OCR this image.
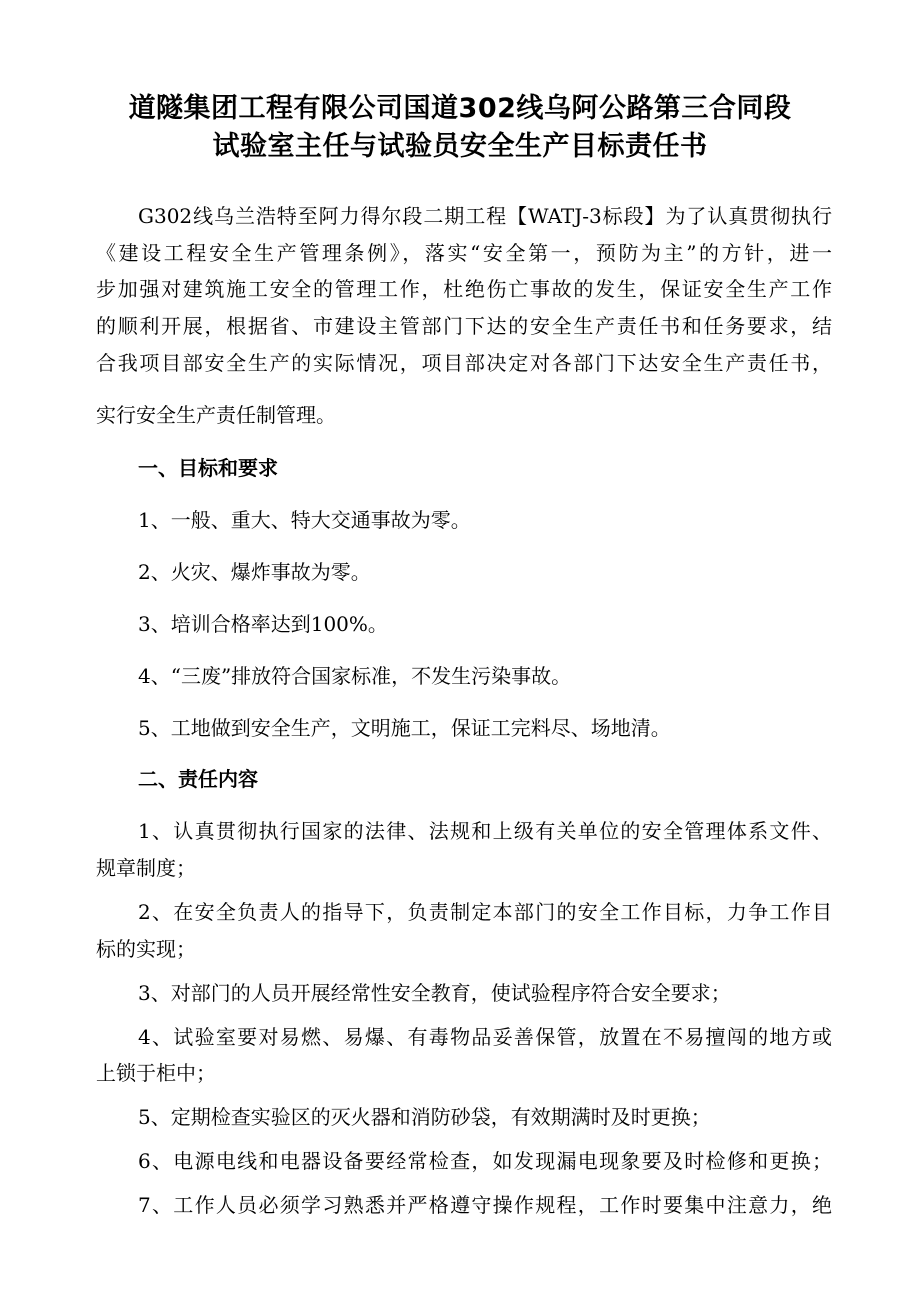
道隧集团工程有限公司国道302线乌阿公路第三合同段
试验室主任与试验员安全生产目标责任书
G302线乌兰浩特至阿力得尔段二期工程【WATJ-3标段】为了认真贯彻执行
《建设工程安全生产管理条例》，落实“安全第一，预防为主”的方针，进一
步加强对建筑施工安全的管理工作，杜绝伤亡事故的发生，保证安全生产工作
的顺利开展，根据省、市建设主管部门下达的安全生产责任书和任务要求，结
合我项目部安全生产的实际情况，项目部决定对各部门下达安全生产责任书，
实行安全生产责任制管理。
一、目标和要求
1、一般、重大、特大交通事故为零。
2、火灾、爆炸事故为零。
3、培训合格率达到100%。
4、“三废”排放符合国家标准，不发生污染事故。
5、工地做到安全生产，文明施工，保证工完料尽、场地清。
二、责任内容
1、认真贯彻执行国家的法律、法规和上级有关单位的安全管理体系文件、
规章制度；
2、在安全负责人的指导下，负责制定本部门的安全工作目标，力争工作目
标的实现；
3、对部门的人员开展经常性安全教育，使试验程序符合安全要求；
4、试验室要对易燃、易爆、有毒物品妥善保管，放置在不易擅闯的地方或
上锁于柜中；
5、定期检查实验区的灭火器和消防砂袋，有效期满时及时更换；
6、电源电线和电器设备要经常检查，如发现漏电现象要及时检修和更换；
7、工作人员必须学习熟悉并严格遵守操作规程，工作时要集中注意力，绝
